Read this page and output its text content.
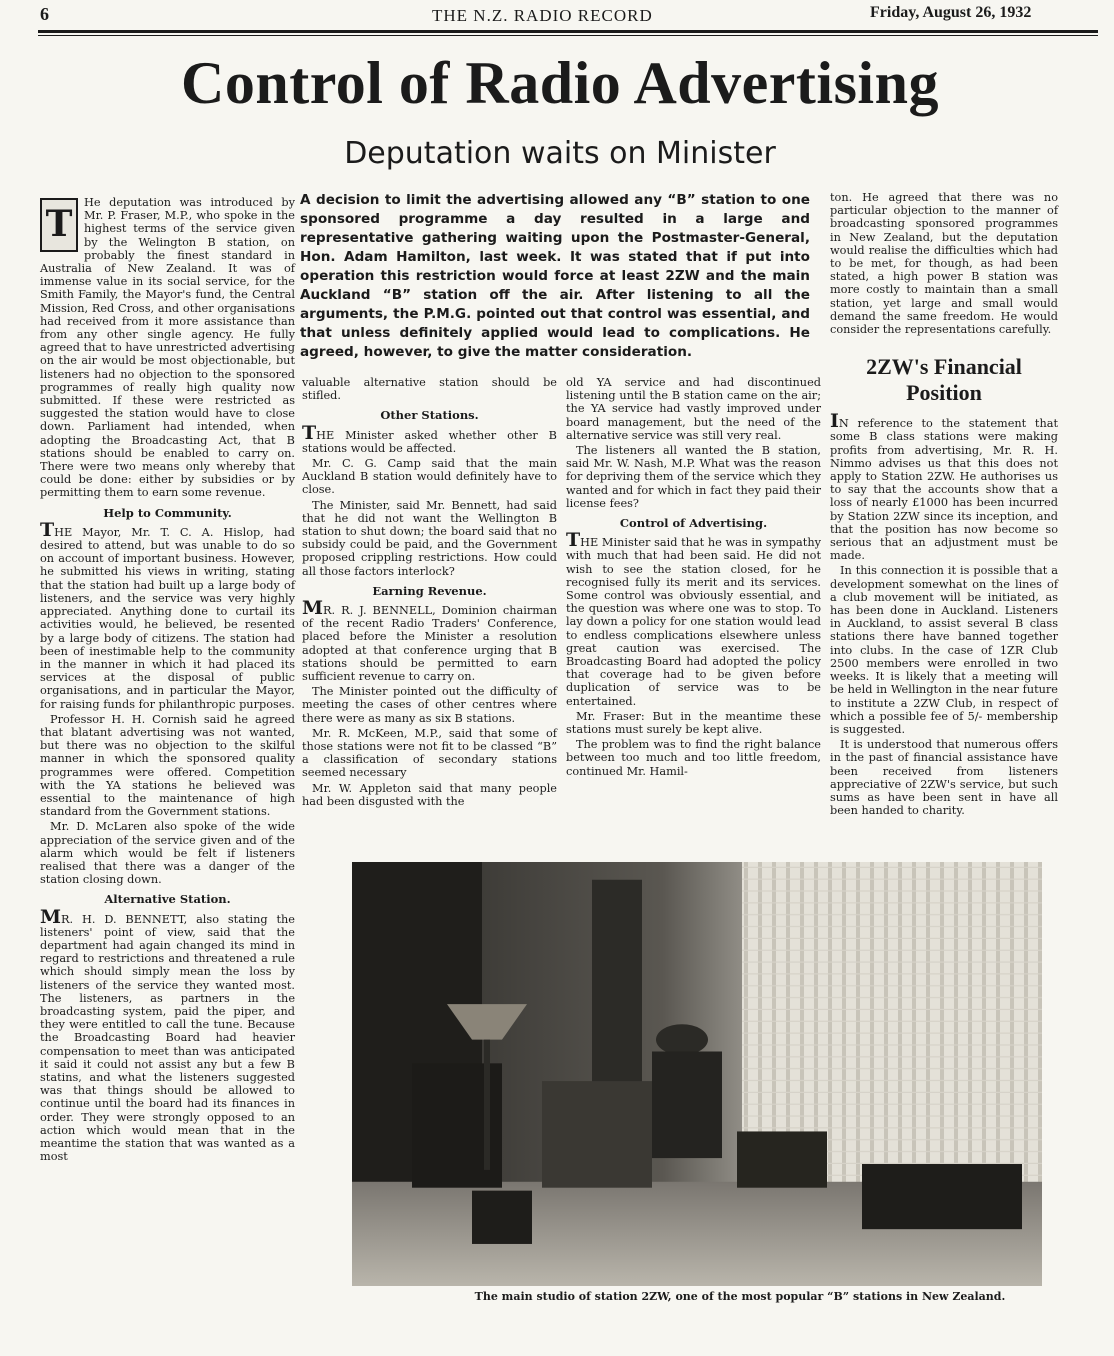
6	THE N.Z. RADIO RECORD	Friday, August 26, 1932
Control of Radio Advertising
Deputation waits on Minister
A decision to limit the advertising allowed any “B” station to one sponsored programme a day resulted in a large and representative gathering waiting upon the Postmaster-General, Hon. Adam Hamilton, last week. It was stated that if put into operation this restriction would force at least 2ZW and the main Auckland “B” station off the air. After listening to all the arguments, the P.M.G. pointed out that control was essential, and that unless definitely applied would lead to complications. He agreed, however, to give the matter consideration.

T
He deputation was introduced by Mr. P. Fraser, M.P., who spoke in the highest terms of the service given by the Welington B station, on probably the finest standard in Australia of New Zealand. It was of immense value in its social service, for the Smith Family, the Mayor's fund, the Central Mission, Red Cross, and other organisations had received from it more assistance than from any other single agency. He fully agreed that to have unrestricted advertising on the air would be most objectionable, but listeners had no objection to the sponsored programmes of really high quality now submitted. If these were restricted as suggested the station would have to close down. Parliament had intended, when adopting the Broadcasting Act, that B stations should be enabled to carry on. There were two means only whereby that could be done: either by subsidies or by permitting them to earn some revenue.

Help to Community.

THE Mayor, Mr. T. C. A. Hislop, had desired to attend, but was unable to do so on account of important business. However, he submitted his views in writing, stating that the station had built up a large body of listeners, and the service was very highly appreciated. Anything done to curtail its activities would, he believed, be resented by a large body of citizens. The station had been of inestimable help to the community in the manner in which it had placed its services at the disposal of public organisations, and in particular the Mayor, for raising funds for philanthropic purposes.

Professor H. H. Cornish said he agreed that blatant advertising was not wanted, but there was no objection to the skilful manner in which the sponsored quality programmes were offered. Competition with the YA stations he believed was essential to the maintenance of high standard from the Government stations.

Mr. D. McLaren also spoke of the wide appreciation of the service given and of the alarm which would be felt if listeners realised that there was a danger of the station closing down.

Alternative Station.

MR. H. D. BENNETT, also stating the listeners' point of view, said that the department had again changed its mind in regard to restrictions and threatened a rule which should simply mean the loss by listeners of the service they wanted most. The listeners, as partners in the broadcasting system, paid the piper, and they were entitled to call the tune. Because the Broadcasting Board had heavier compensation to meet than was anticipated it said it could not assist any but a few B statins, and what the listeners suggested was that things should be allowed to continue until the board had its finances in order. They were strongly opposed to an action which would mean that in the meantime the station that was wanted as a most

valuable alternative station should be stifled.

Other Stations.

THE Minister asked whether other B stations would be affected.

Mr. C. G. Camp said that the main Auckland B station would definitely have to close.

The Minister, said Mr. Bennett, had said that he did not want the Wellington B station to shut down; the board said that no subsidy could be paid, and the Government proposed crippling restrictions. How could all those factors interlock?

Earning Revenue.

MR. R. J. BENNELL, Dominion chairman of the recent Radio Traders' Conference, placed before the Minister a resolution adopted at that conference urging that B stations should be permitted to earn sufficient revenue to carry on.

The Minister pointed out the difficulty of meeting the cases of other centres where there were as many as six B stations.

Mr. R. McKeen, M.P., said that some of those stations were not fit to be classed “B” a classification of secondary stations seemed necessary

Mr. W. Appleton said that many people had been disgusted with the

old YA service and had discontinued listening until the B station came on the air; the YA service had vastly improved under board management, but the need of the alternative service was still very real.

The listeners all wanted the B station, said Mr. W. Nash, M.P. What was the reason for depriving them of the service which they wanted and for which in fact they paid their license fees?

Control of Advertising.

THE Minister said that he was in sympathy with much that had been said. He did not wish to see the station closed, for he recognised fully its merit and its services. Some control was obviously essential, and the question was where one was to stop. To lay down a policy for one station would lead to endless complications elsewhere unless great caution was exercised. The Broadcasting Board had adopted the policy that coverage had to be given before duplication of service was to be entertained.

Mr. Fraser: But in the meantime these stations must surely be kept alive.

The problem was to find the right balance between too much and too little freedom, continued Mr. Hamil-

ton. He agreed that there was no particular objection to the manner of broadcasting sponsored programmes in New Zealand, but the deputation would realise the difficulties which had to be met, for though, as had been stated, a high power B station was more costly to maintain than a small station, yet large and small would demand the same freedom. He would consider the representations carefully.

2ZW's Financial Position

IN reference to the statement that some B class stations were making profits from advertising, Mr. R. H. Nimmo advises us that this does not apply to Station 2ZW. He authorises us to say that the accounts show that a loss of nearly £1000 has been incurred by Station 2ZW since its inception, and that the position has now become so serious that an adjustment must be made.

In this connection it is possible that a development somewhat on the lines of a club movement will be initiated, as has been done in Auckland. Listeners in Auckland, to assist several B class stations there have banned together into clubs. In the case of 1ZR Club 2500 members were enrolled in two weeks. It is likely that a meeting will be held in Wellington in the near future to institute a 2ZW Club, in respect of which a possible fee of 5/- membership is suggested.

It is understood that numerous offers in the past of financial assistance have been received from listeners appreciative of 2ZW's service, but such sums as have been sent in have all been handed to charity.

The main studio of station 2ZW, one of the most popular “B” stations in New Zealand.
